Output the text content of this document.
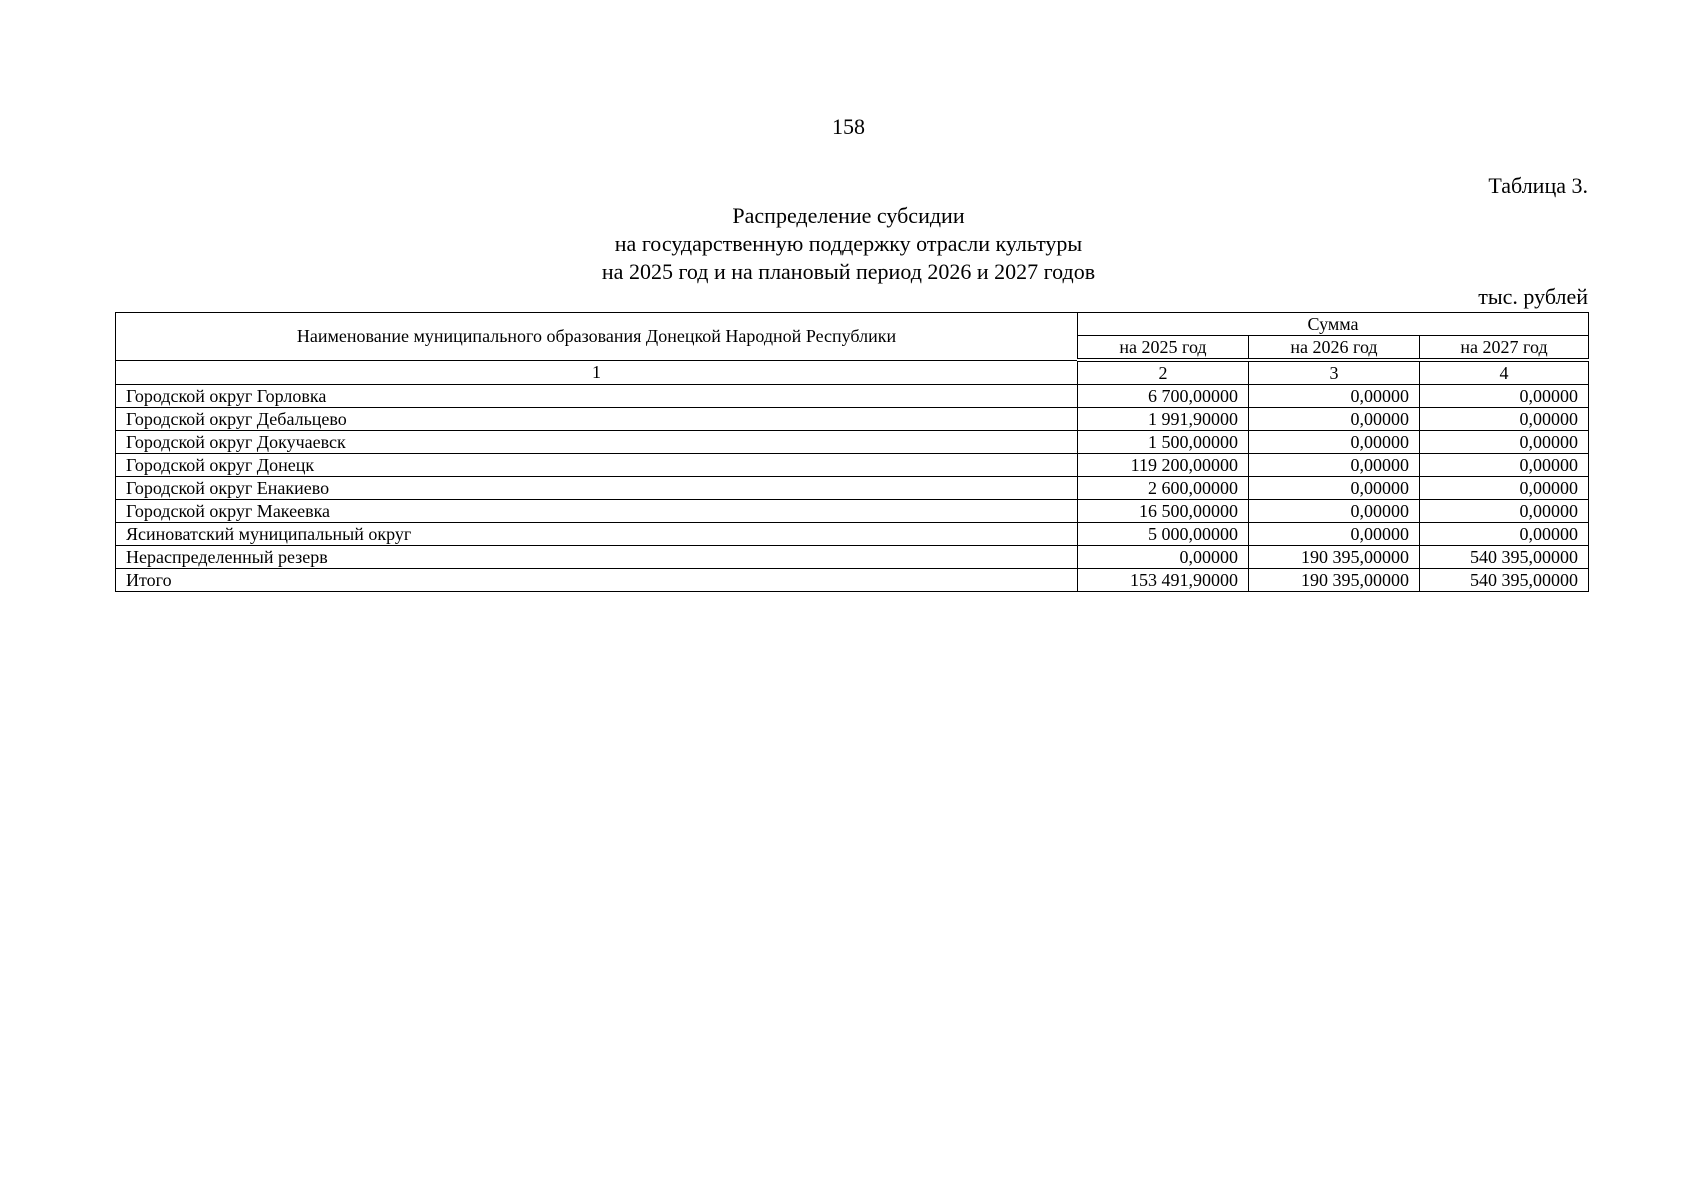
158
Таблица 3.
Распределение субсидии
на государственную поддержку отрасли культуры
на 2025 год и на плановый период 2026 и 2027 годов
тыс. рублей
Наименование муниципального образования Донецкой Народной Республики	Сумма		
	на 2025 год	на 2026 год	на 2027 год
1	2	3	4
Городской округ Горловка	6 700,00000	0,00000	0,00000
Городской округ Дебальцево	1 991,90000	0,00000	0,00000
Городской округ Докучаевск	1 500,00000	0,00000	0,00000
Городской округ Донецк	119 200,00000	0,00000	0,00000
Городской округ Енакиево	2 600,00000	0,00000	0,00000
Городской округ Макеевка	16 500,00000	0,00000	0,00000
Ясиноватский муниципальный округ	5 000,00000	0,00000	0,00000
Нераспределенный резерв	0,00000	190 395,00000	540 395,00000
Итого	153 491,90000	190 395,00000	540 395,00000
